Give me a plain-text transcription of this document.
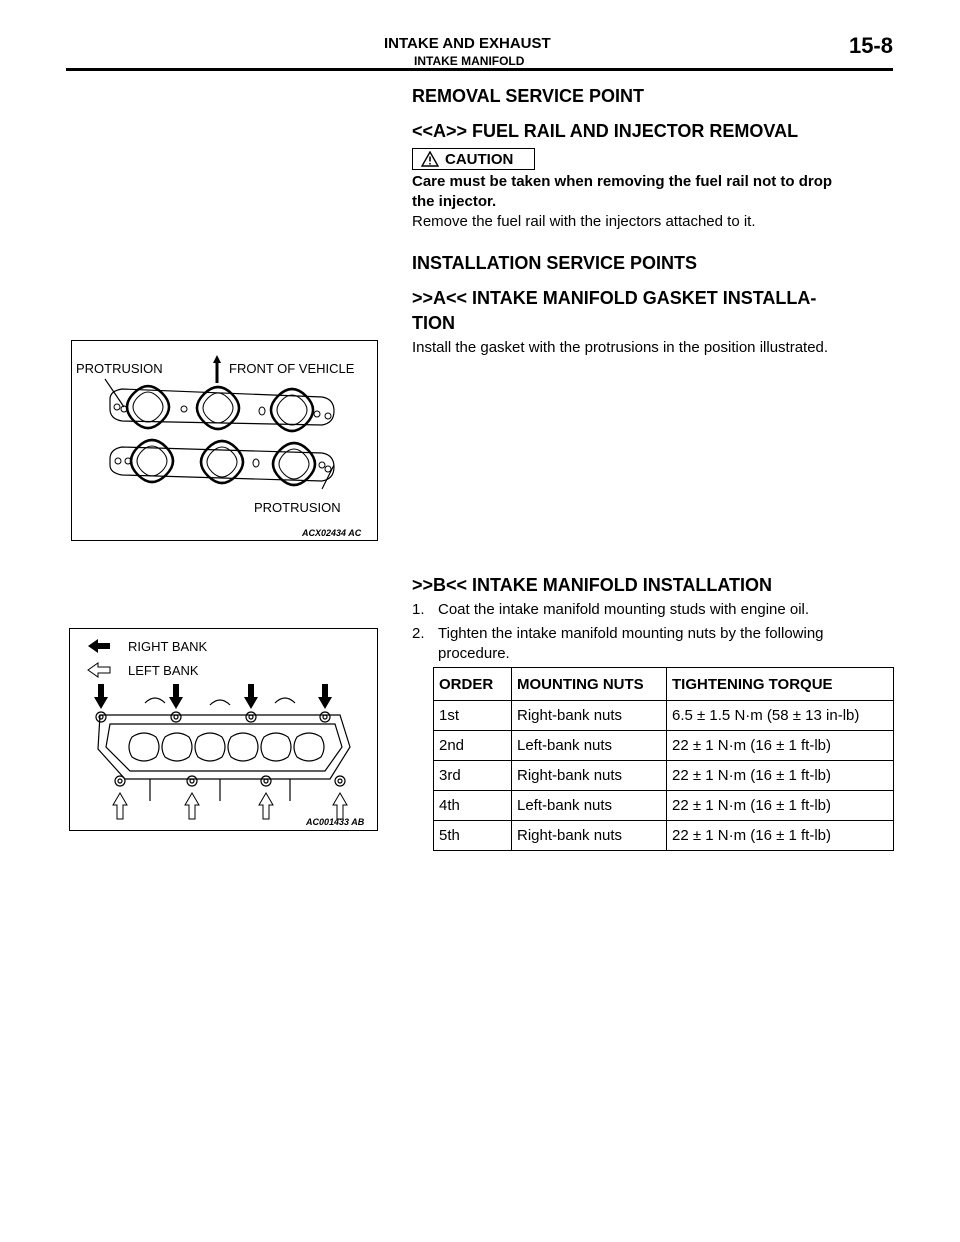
INTAKE AND EXHAUST
INTAKE MANIFOLD
15-8
REMOVAL SERVICE POINT
<<A>> FUEL RAIL AND INJECTOR REMOVAL
CAUTION
Care must be taken when removing the fuel rail not to drop
the injector.
Remove the fuel rail with the injectors attached to it.
INSTALLATION SERVICE POINTS
>>A<< INTAKE MANIFOLD GASKET INSTALLA-
TION
Install the gasket with the protrusions in the position illustrated.
PROTRUSION	FRONT OF VEHICLE
PROTRUSION
ACX02434 AC
>>B<< INTAKE MANIFOLD INSTALLATION
1. Coat the intake manifold mounting studs with engine oil.
2. Tighten the intake manifold mounting nuts by the following procedure.
RIGHT BANK
LEFT BANK
AC001433 AB
ORDER	MOUNTING NUTS	TIGHTENING TORQUE
1st	Right-bank nuts	6.5 ± 1.5 N·m (58 ± 13 in-lb)
2nd	Left-bank nuts	22 ± 1 N·m (16 ± 1 ft-lb)
3rd	Right-bank nuts	22 ± 1 N·m (16 ± 1 ft-lb)
4th	Left-bank nuts	22 ± 1 N·m (16 ± 1 ft-lb)
5th	Right-bank nuts	22 ± 1 N·m (16 ± 1 ft-lb)
